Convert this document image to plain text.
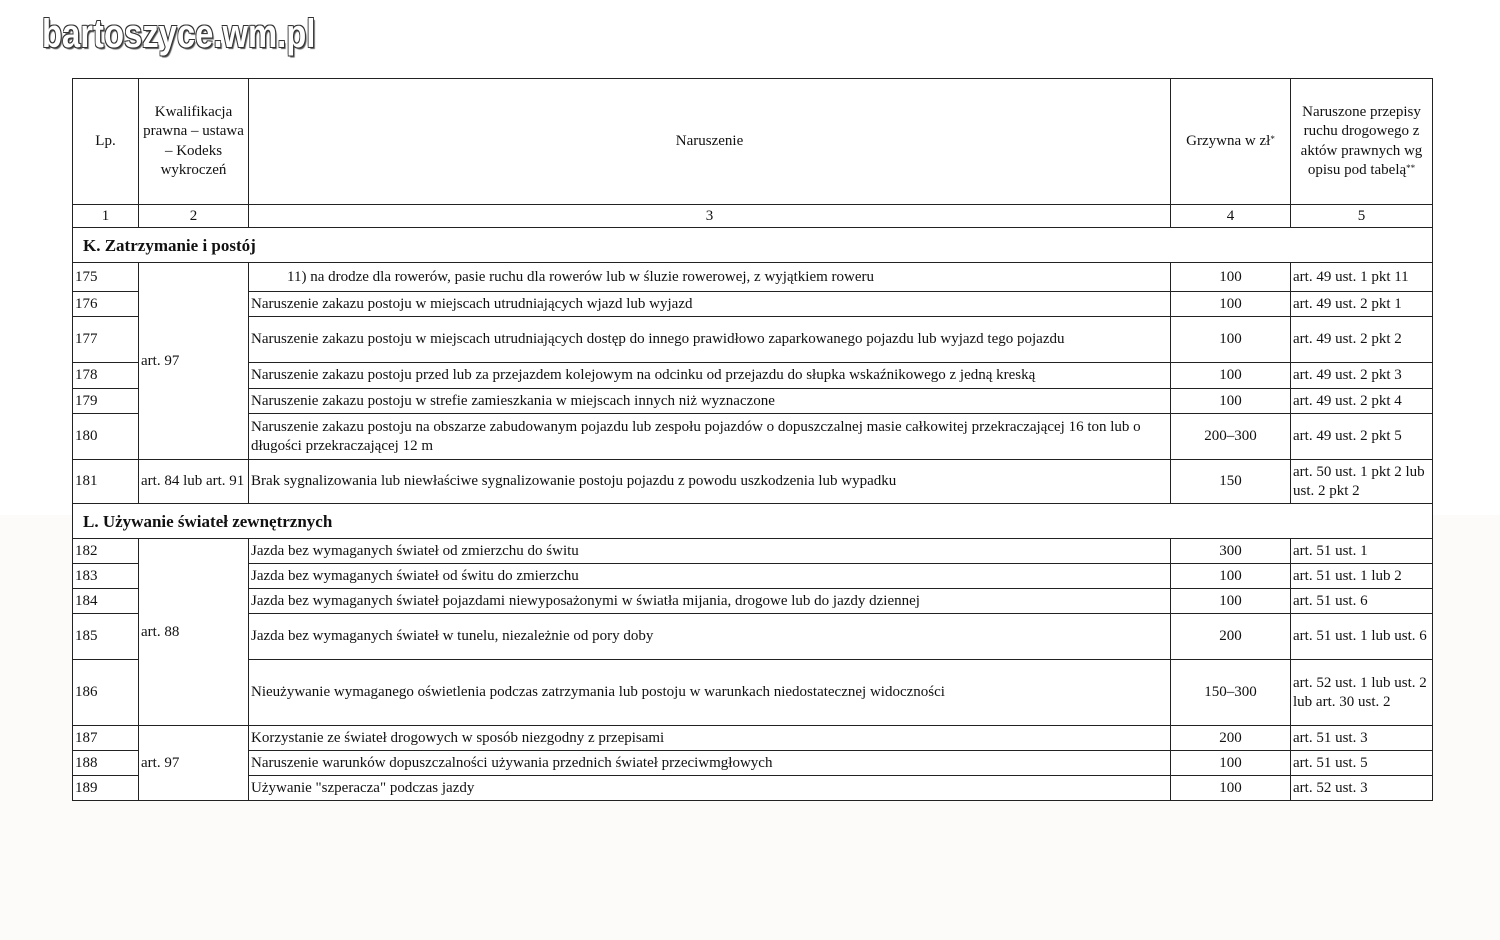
bartoszyce.wm.pl
Lp.	Kwalifikacja prawna – ustawa – Kodeks wykroczeń	Naruszenie	Grzywna w zł*	Naruszone przepisy ruchu drogowego z aktów prawnych wg opisu pod tabelą**
1	2	3	4	5
K. Zatrzymanie i postój				
175	art. 97	11) na drodze dla rowerów, pasie ruchu dla rowerów lub w śluzie rowerowej, z wyjątkiem roweru	100	art. 49 ust. 1 pkt 11
176		Naruszenie zakazu postoju w miejscach utrudniających wjazd lub wyjazd	100	art. 49 ust. 2 pkt 1
177		Naruszenie zakazu postoju w miejscach utrudniających dostęp do innego prawidłowo zaparkowanego pojazdu lub wyjazd tego pojazdu	100	art. 49 ust. 2 pkt 2
178		Naruszenie zakazu postoju przed lub za przejazdem kolejowym na odcinku od przejazdu do słupka wskaźnikowego z jedną kreską	100	art. 49 ust. 2 pkt 3
179		Naruszenie zakazu postoju w strefie zamieszkania w miejscach innych niż wyznaczone	100	art. 49 ust. 2 pkt 4
180		Naruszenie zakazu postoju na obszarze zabudowanym pojazdu lub zespołu pojazdów o dopuszczalnej masie całkowitej przekraczającej 16 ton lub o długości przekraczającej 12 m	200–300	art. 49 ust. 2 pkt 5
181	art. 84 lub art. 91	Brak sygnalizowania lub niewłaściwe sygnalizowanie postoju pojazdu z powodu uszkodzenia lub wypadku	150	art. 50 ust. 1 pkt 2 lub ust. 2 pkt 2
L. Używanie świateł zewnętrznych				
182	art. 88	Jazda bez wymaganych świateł od zmierzchu do świtu	300	art. 51 ust. 1
183		Jazda bez wymaganych świateł od świtu do zmierzchu	100	art. 51 ust. 1 lub 2
184		Jazda bez wymaganych świateł pojazdami niewyposażonymi w światła mijania, drogowe lub do jazdy dziennej	100	art. 51 ust. 6
185		Jazda bez wymaganych świateł w tunelu, niezależnie od pory doby	200	art. 51 ust. 1 lub ust. 6
186		Nieużywanie wymaganego oświetlenia podczas zatrzymania lub postoju w warunkach niedostatecznej widoczności	150–300	art. 52 ust. 1 lub ust. 2 lub art. 30 ust. 2
187	art. 97	Korzystanie ze świateł drogowych w sposób niezgodny z przepisami	200	art. 51 ust. 3
188		Naruszenie warunków dopuszczalności używania przednich świateł przeciwmgłowych	100	art. 51 ust. 5
189		Używanie "szperacza" podczas jazdy	100	art. 52 ust. 3
